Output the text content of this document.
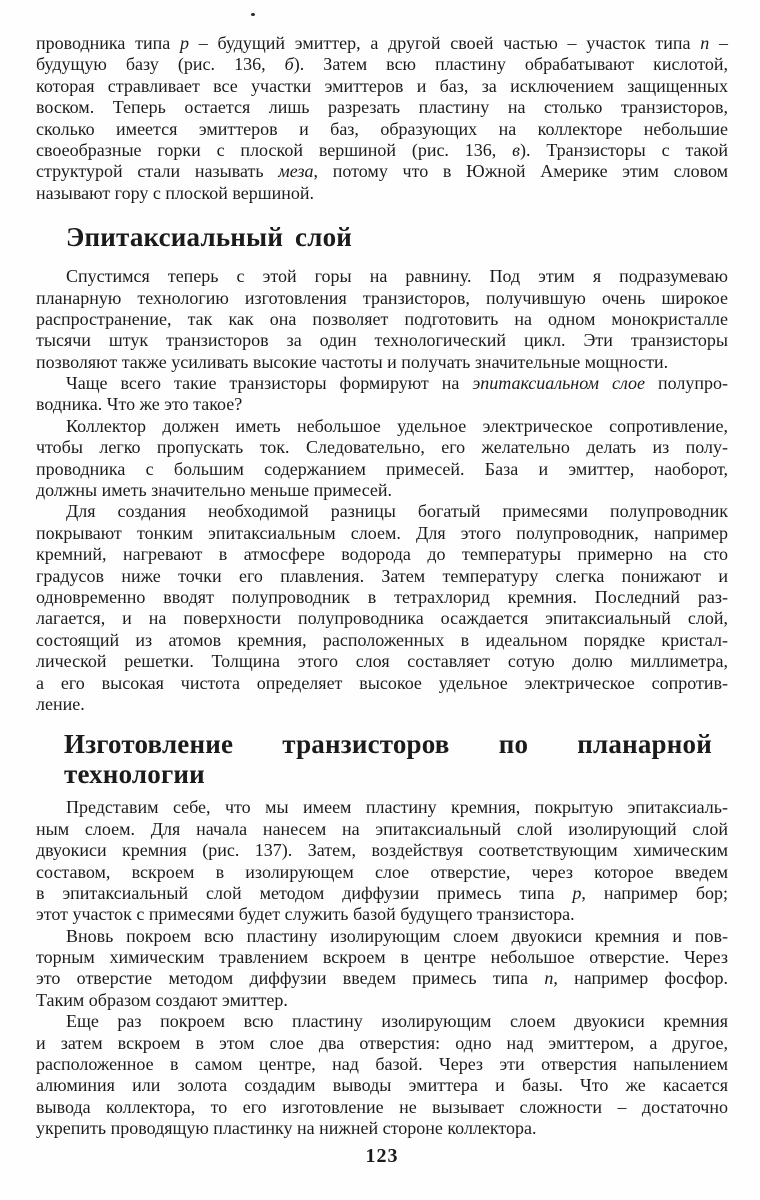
проводника типа p – будущий эмиттер, а другой своей частью – участок типа n –
будущую базу (рис. 136, б). Затем всю пластину обрабатывают кислотой,
которая стравливает все участки эмиттеров и баз, за исключением защищенных
воском. Теперь остается лишь разрезать пластину на столько транзисторов,
сколько имеется эмиттеров и баз, образующих на коллекторе небольшие
своеобразные горки с плоской вершиной (рис. 136, в). Транзисторы с такой
структурой стали называть меза, потому что в Южной Америке этим словом
называют гору с плоской вершиной.
Эпитаксиальный слой
Спустимся теперь с этой горы на равнину. Под этим я подразумеваю
планарную технологию изготовления транзисторов, получившую очень широкое
распространение, так как она позволяет подготовить на одном монокристалле
тысячи штук транзисторов за один технологический цикл. Эти транзисторы
позволяют также усиливать высокие частоты и получать значительные мощности.
Чаще всего такие транзисторы формируют на эпитаксиальном слое полупро-
водника. Что же это такое?
Коллектор должен иметь небольшое удельное электрическое сопротивление,
чтобы легко пропускать ток. Следовательно, его желательно делать из полу-
проводника с большим содержанием примесей. База и эмиттер, наоборот,
должны иметь значительно меньше примесей.
Для создания необходимой разницы богатый примесями полупроводник
покрывают тонким эпитаксиальным слоем. Для этого полупроводник, например
кремний, нагревают в атмосфере водорода до температуры примерно на сто
градусов ниже точки его плавления. Затем температуру слегка понижают и
одновременно вводят полупроводник в тетрахлорид кремния. Последний раз-
лагается, и на поверхности полупроводника осаждается эпитаксиальный слой,
состоящий из атомов кремния, расположенных в идеальном порядке кристал-
лической решетки. Толщина этого слоя составляет сотую долю миллиметра,
а его высокая чистота определяет высокое удельное электрическое сопротив-
ление.
Изготовление транзисторов по планарной
технологии
Представим себе, что мы имеем пластину кремния, покрытую эпитаксиаль-
ным слоем. Для начала нанесем на эпитаксиальный слой изолирующий слой
двуокиси кремния (рис. 137). Затем, воздействуя соответствующим химическим
составом, вскроем в изолирующем слое отверстие, через которое введем
в эпитаксиальный слой методом диффузии примесь типа p, например бор;
этот участок с примесями будет служить базой будущего транзистора.
Вновь покроем всю пластину изолирующим слоем двуокиси кремния и пов-
торным химическим травлением вскроем в центре небольшое отверстие. Через
это отверстие методом диффузии введем примесь типа n, например фосфор.
Таким образом создают эмиттер.
Еще раз покроем всю пластину изолирующим слоем двуокиси кремния
и затем вскроем в этом слое два отверстия: одно над эмиттером, а другое,
расположенное в самом центре, над базой. Через эти отверстия напылением
алюминия или золота создадим выводы эмиттера и базы. Что же касается
вывода коллектора, то его изготовление не вызывает сложности – достаточно
укрепить проводящую пластинку на нижней стороне коллектора.
123
